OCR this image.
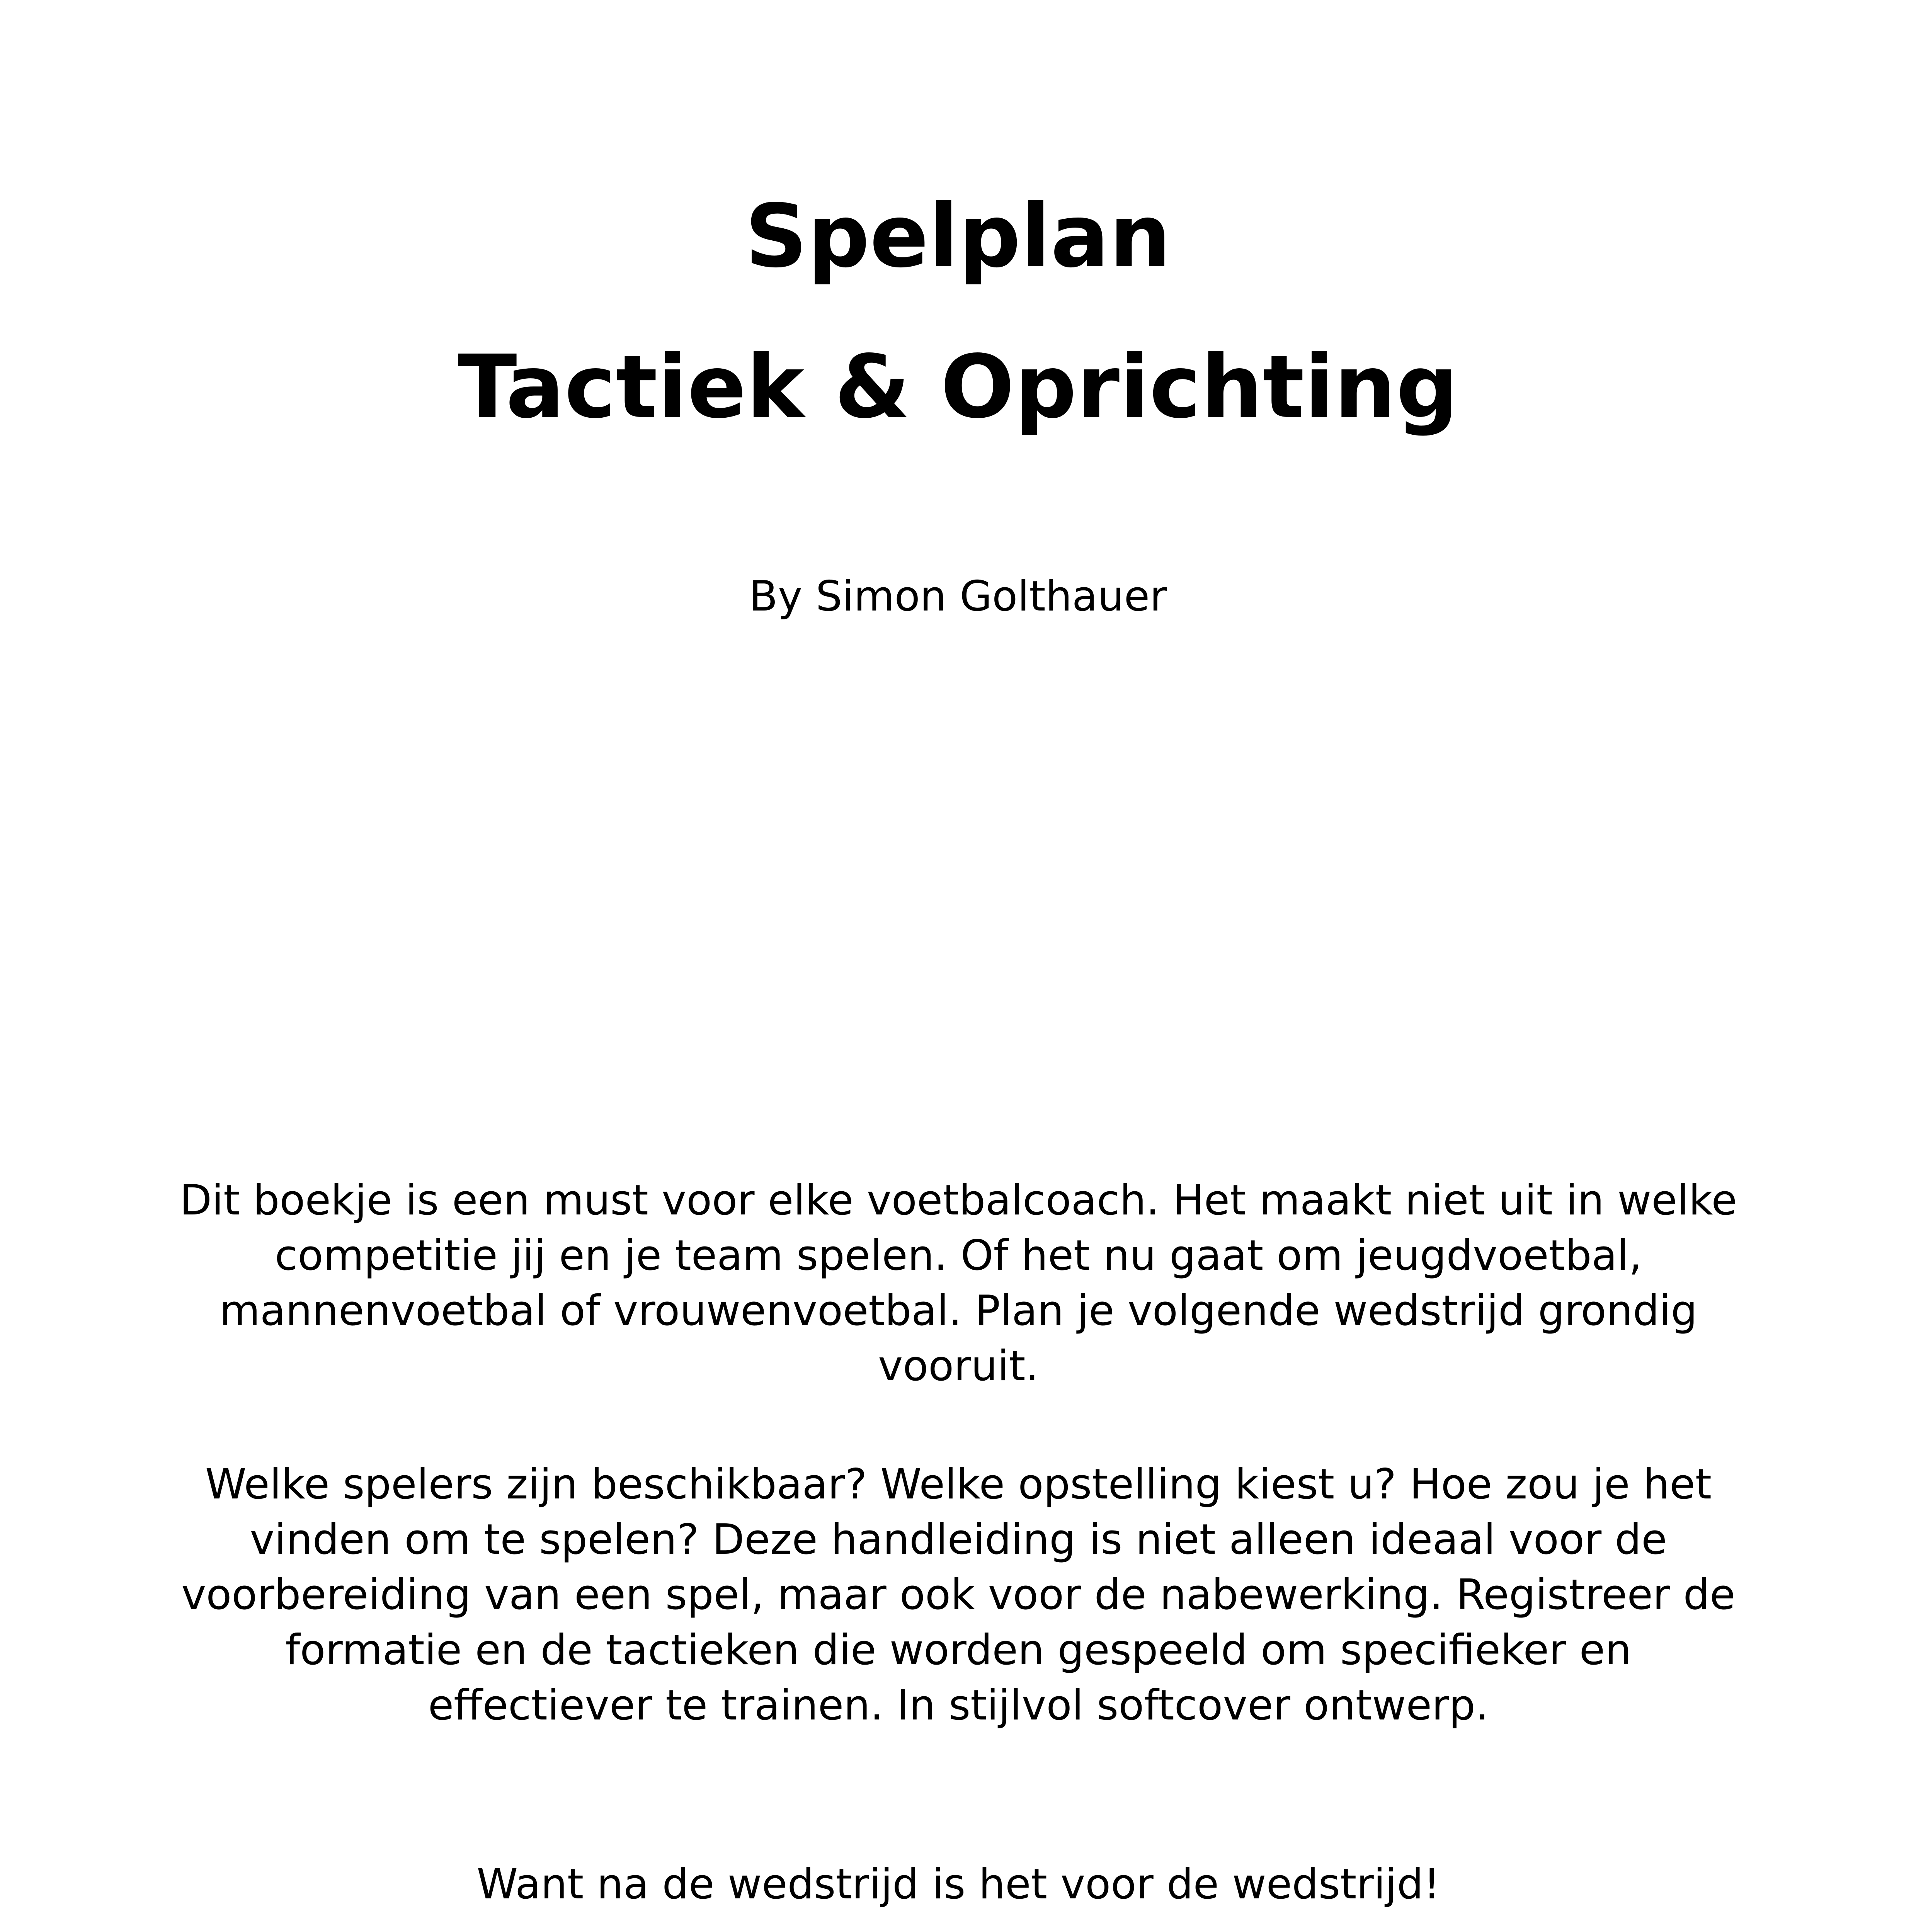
Spelplan
Tactiek & Oprichting
By Simon Golthauer

Dit boekje is een must voor elke voetbalcoach. Het maakt niet uit in welke competitie jij en je team spelen. Of het nu gaat om jeugdvoetbal, mannenvoetbal of vrouwenvoetbal. Plan je volgende wedstrijd grondig vooruit.

Welke spelers zijn beschikbaar? Welke opstelling kiest u? Hoe zou je het vinden om te spelen? Deze handleiding is niet alleen ideaal voor de voorbereiding van een spel, maar ook voor de nabewerking. Registreer de formatie en de tactieken die worden gespeeld om specifieker en effectiever te trainen. In stijlvol softcover ontwerp.

Want na de wedstrijd is het voor de wedstrijd!
